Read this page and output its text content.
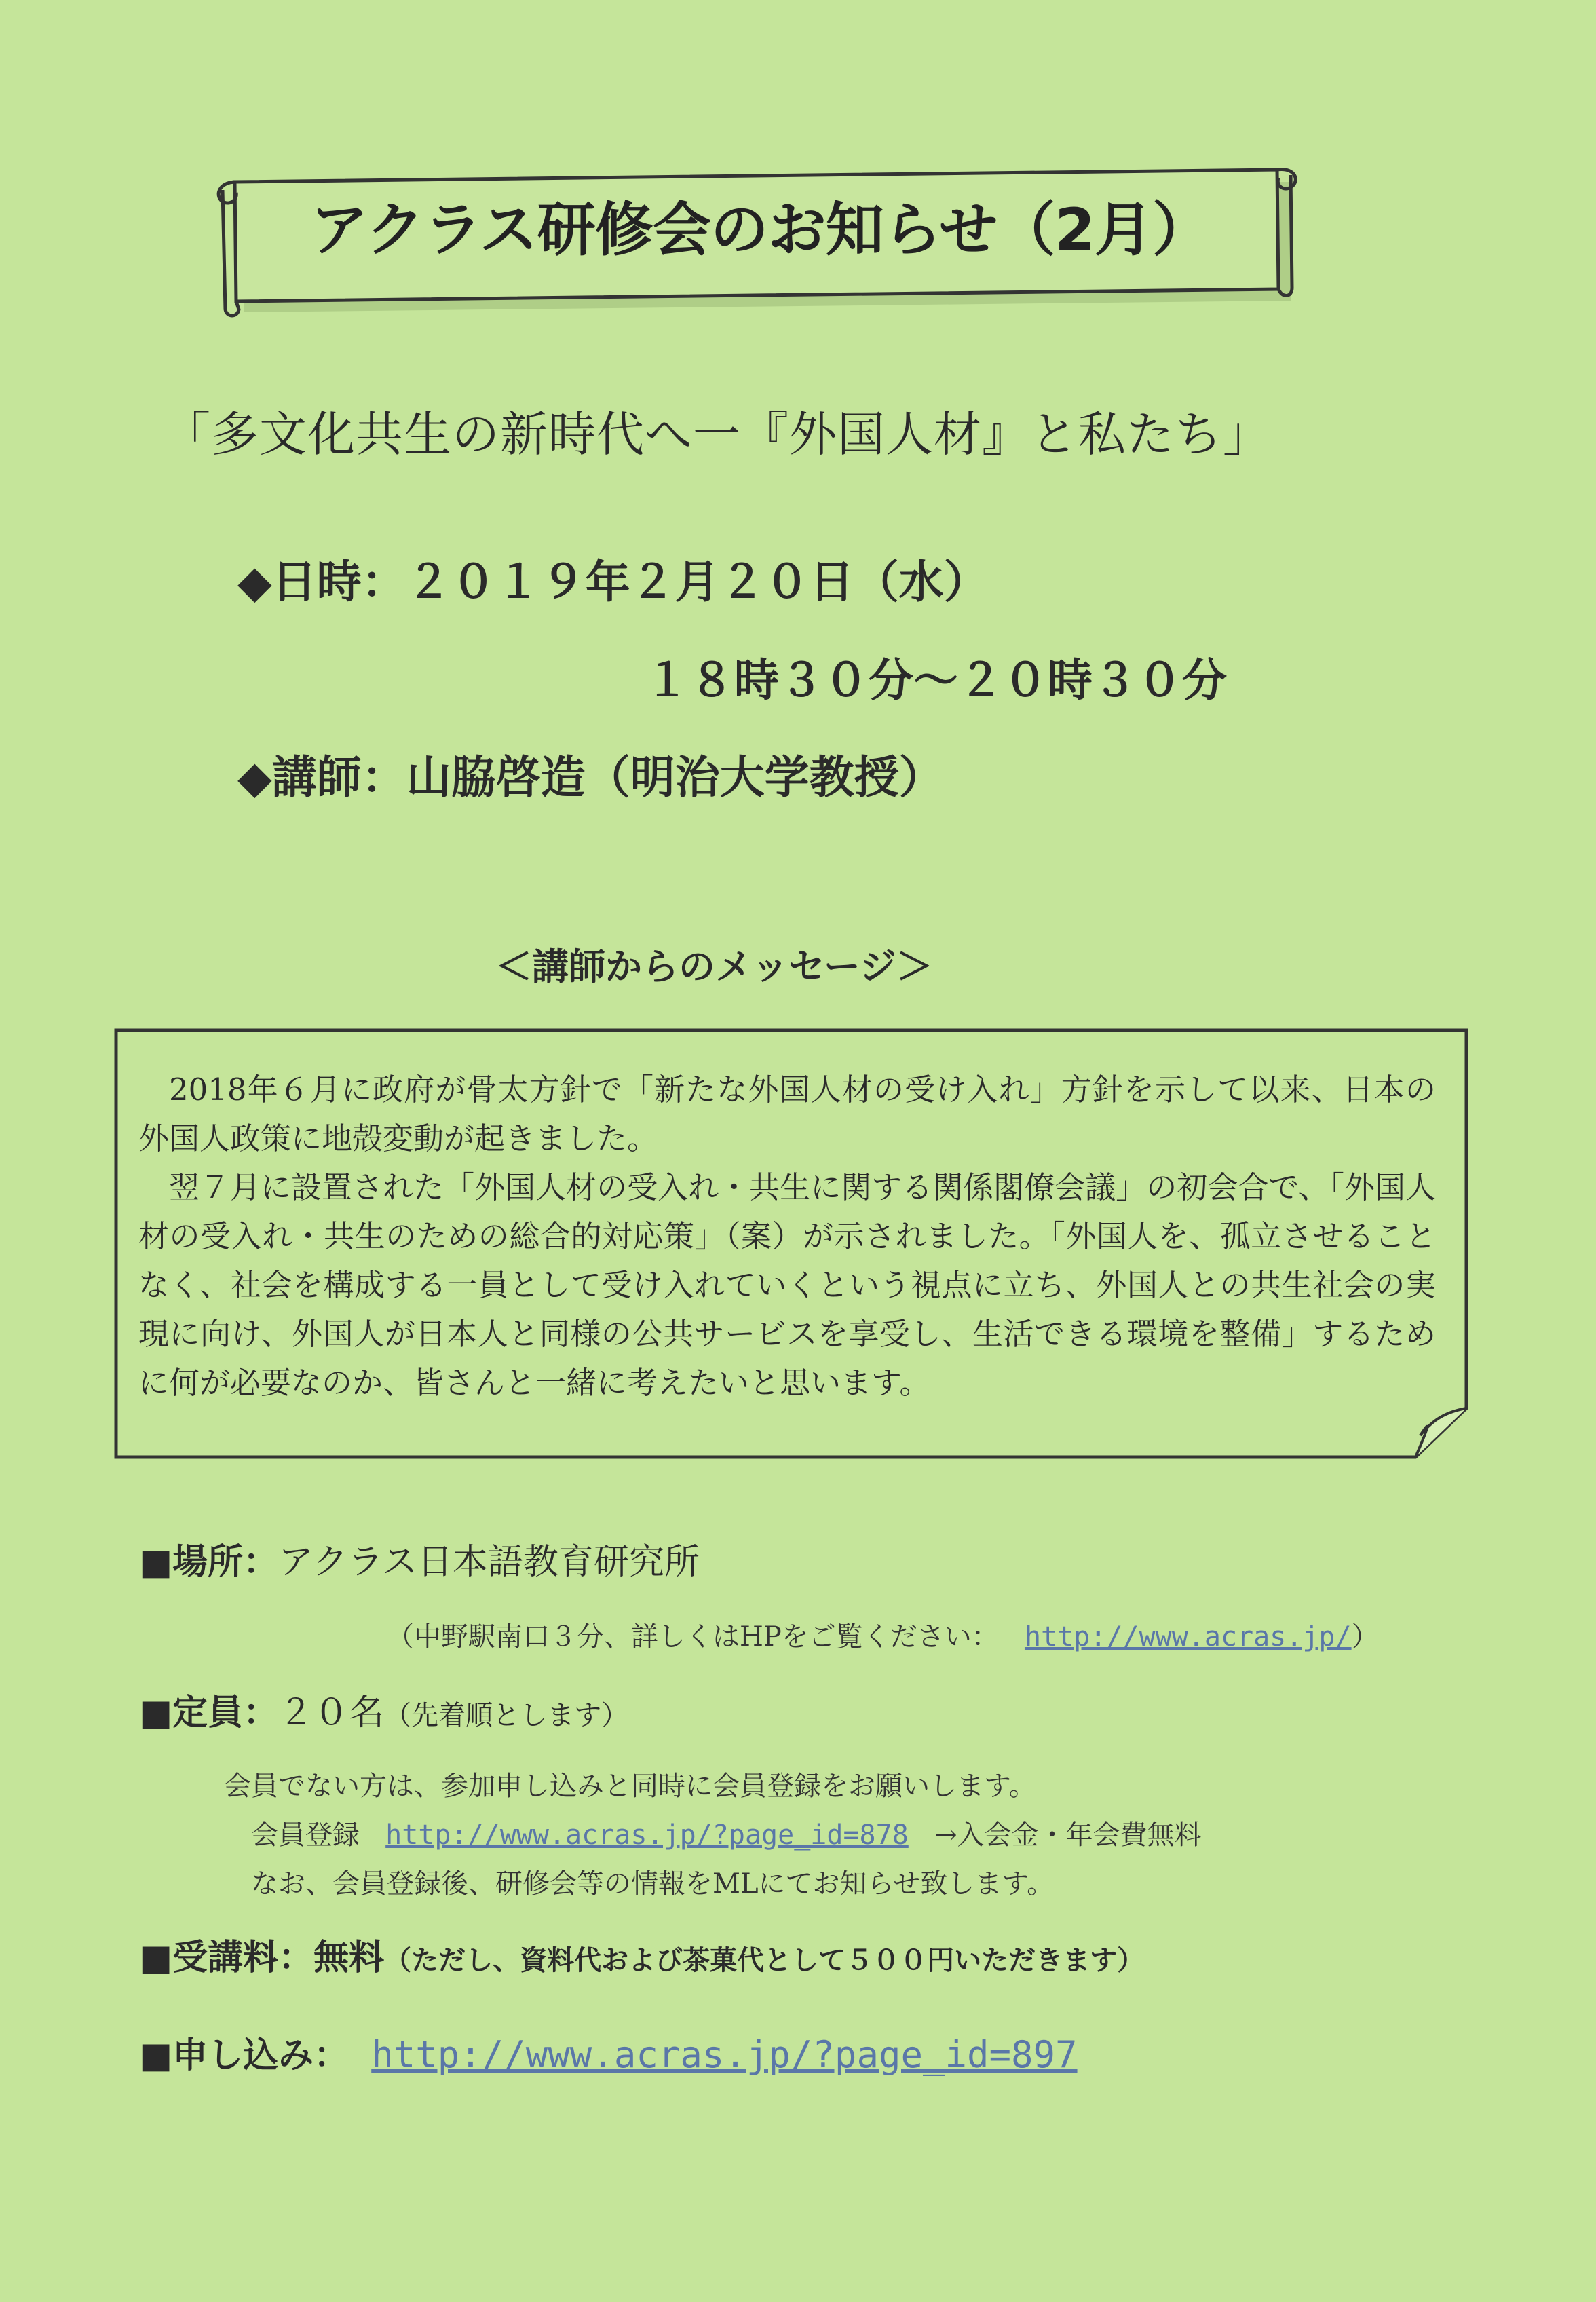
アクラス研修会のお知らせ（2月）
「多文化共生の新時代へ一『外国人材』と私たち」
◆日時：２０１９年２月２０日（水）
１８時３０分～２０時３０分
◆講師：山脇啓造（明治大学教授）
＜講師からのメッセージ＞

2018年６月に政府が骨太方針で「新たな外国人材の受け入れ」方針を示して以来、日本の外国人政策に地殻変動が起きました。

翌７月に設置された「外国人材の受入れ・共生に関する関係閣僚会議」の初会合で、「外国人材の受入れ・共生のための総合的対応策」（案）が示されました。「外国人を、孤立させることなく、社会を構成する一員として受け入れていくという視点に立ち、外国人との共生社会の実現に向け、外国人が日本人と同様の公共サービスを享受し、生活できる環境を整備」するために何が必要なのか、皆さんと一緒に考えたいと思います。

■場所：アクラス日本語教育研究所
（中野駅南口３分、詳しくはHPをご覧ください： http://www.acras.jp/）
■定員：２０名（先着順とします）
会員でない方は、参加申し込みと同時に会員登録をお願いします。
会員登録 http://www.acras.jp/?page_id=878 →入会金・年会費無料
なお、会員登録後、研修会等の情報をMLにてお知らせ致します。
■受講料：無料（ただし、資料代および茶菓代として５００円いただきます）
■申し込み： http://www.acras.jp/?page_id=897
